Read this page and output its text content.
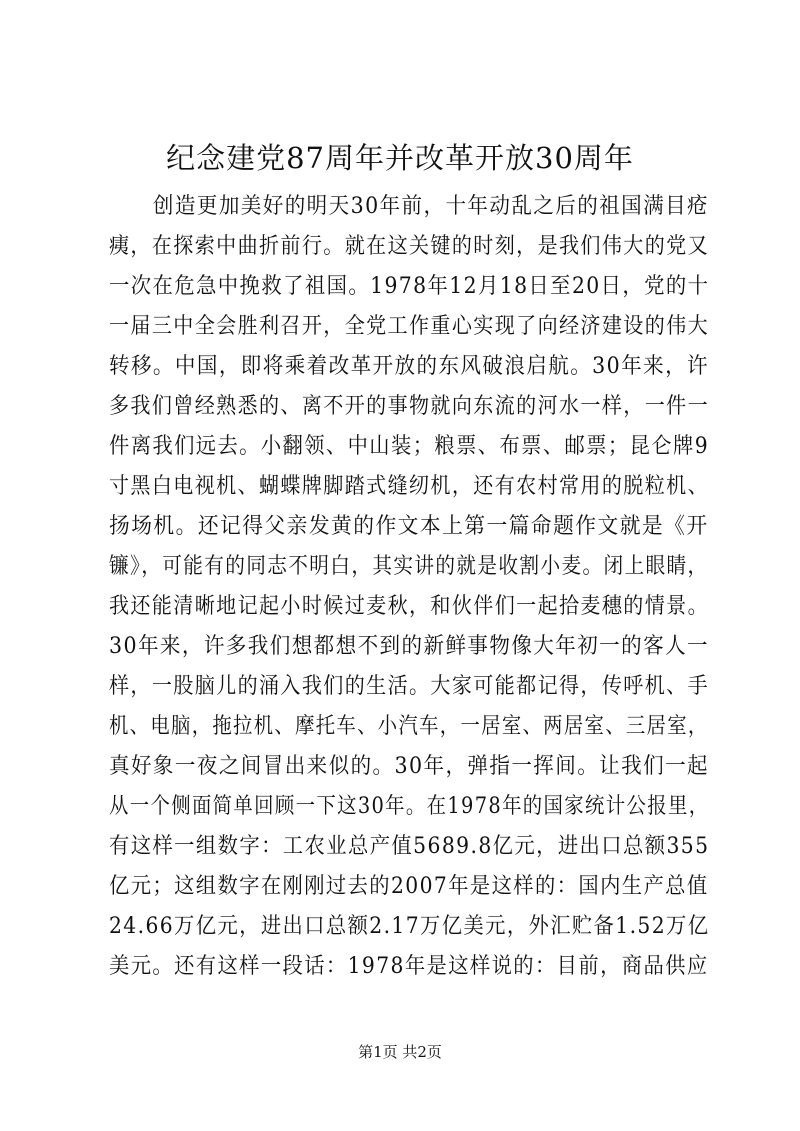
纪念建党87周年并改革开放30周年
　　创造更加美好的明天30年前，十年动乱之后的祖国满目疮
痍，在探索中曲折前行。就在这关键的时刻，是我们伟大的党又
一次在危急中挽救了祖国。1978年12月18日至20日，党的十
一届三中全会胜利召开，全党工作重心实现了向经济建设的伟大
转移。中国，即将乘着改革开放的东风破浪启航。30年来，许
多我们曾经熟悉的、离不开的事物就向东流的河水一样，一件一
件离我们远去。小翻领、中山装；粮票、布票、邮票；昆仑牌9
寸黑白电视机、蝴蝶牌脚踏式缝纫机，还有农村常用的脱粒机、
扬场机。还记得父亲发黄的作文本上第一篇命题作文就是《开
镰》，可能有的同志不明白，其实讲的就是收割小麦。闭上眼睛，
我还能清晰地记起小时候过麦秋，和伙伴们一起拾麦穗的情景。
30年来，许多我们想都想不到的新鲜事物像大年初一的客人一
样，一股脑儿的涌入我们的生活。大家可能都记得，传呼机、手
机、电脑，拖拉机、摩托车、小汽车，一居室、两居室、三居室，
真好象一夜之间冒出来似的。30年，弹指一挥间。让我们一起
从一个侧面简单回顾一下这30年。在1978年的国家统计公报里，
有这样一组数字：工农业总产值5689.8亿元，进出口总额355
亿元；这组数字在刚刚过去的2007年是这样的：国内生产总值
24.66万亿元，进出口总额2.17万亿美元，外汇贮备1.52万亿
美元。还有这样一段话：1978年是这样说的：目前，商品供应
第1页 共2页
